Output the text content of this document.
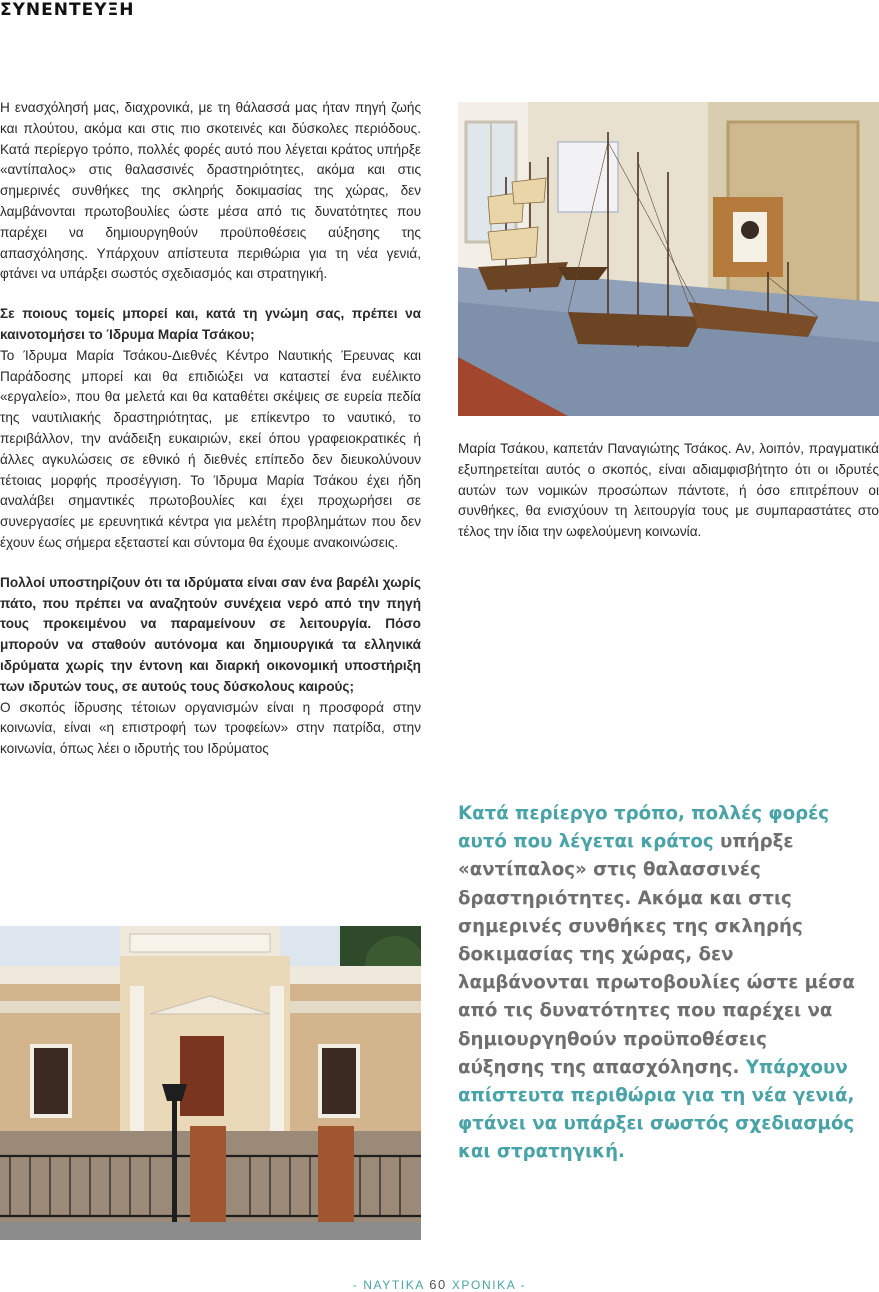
ΣΥΝΕΝΤΕΥΞΗ

Η ενασχόλησή μας, διαχρονικά, με τη θάλασσά μας ήταν πηγή ζωής και πλούτου, ακόμα και στις πιο σκοτεινές και δύσκολες περιόδους. Κατά περίεργο τρόπο, πολλές φορές αυτό που λέγεται κράτος υπήρξε «αντίπαλος» στις θαλασσινές δραστηριότητες, ακόμα και στις σημερινές συνθήκες της σκληρής δοκιμασίας της χώρας, δεν λαμβάνονται πρωτοβουλίες ώστε μέσα από τις δυνατότητες που παρέχει να δημιουργηθούν προϋποθέσεις αύξησης της απασχόλησης. Υπάρχουν απίστευτα περιθώρια για τη νέα γενιά, φτάνει να υπάρξει σωστός σχεδιασμός και στρατηγική.

Σε ποιους τομείς μπορεί και, κατά τη γνώμη σας, πρέπει να καινοτομήσει το Ίδρυμα Μαρία Τσάκου;
Το Ίδρυμα Μαρία Τσάκου-Διεθνές Κέντρο Ναυτικής Έρευνας και Παράδοσης μπορεί και θα επιδιώξει να καταστεί ένα ευέλικτο «εργαλείο», που θα μελετά και θα καταθέτει σκέψεις σε ευρεία πεδία της ναυτιλιακής δραστηριότητας, με επίκεντρο το ναυτικό, το περιβάλλον, την ανάδειξη ευκαιριών, εκεί όπου γραφειοκρατικές ή άλλες αγκυλώσεις σε εθνικό ή διεθνές επίπεδο δεν διευκολύνουν τέτοιας μορφής προσέγγιση. Το Ίδρυμα Μαρία Τσάκου έχει ήδη αναλάβει σημαντικές πρωτοβουλίες και έχει προχωρήσει σε συνεργασίες με ερευνητικά κέντρα για μελέτη προβλημάτων που δεν έχουν έως σήμερα εξεταστεί και σύντομα θα έχουμε ανακοινώσεις.

Πολλοί υποστηρίζουν ότι τα ιδρύματα είναι σαν ένα βαρέλι χωρίς πάτο, που πρέπει να αναζητούν συνέχεια νερό από την πηγή τους προκειμένου να παραμείνουν σε λειτουργία. Πόσο μπορούν να σταθούν αυτόνομα και δημιουργικά τα ελληνικά ιδρύματα χωρίς την έντονη και διαρκή οικονομική υποστήριξη των ιδρυτών τους, σε αυτούς τους δύσκολους καιρούς;
Ο σκοπός ίδρυσης τέτοιων οργανισμών είναι η προσφορά στην κοινωνία, είναι «η επιστροφή των τροφείων» στην πατρίδα, στην κοινωνία, όπως λέει ο ιδρυτής του Ιδρύματος

Μαρία Τσάκου, καπετάν Παναγιώτης Τσάκος. Αν, λοιπόν, πραγματικά εξυπηρετείται αυτός ο σκοπός, είναι αδιαμφισβήτητο ότι οι ιδρυτές αυτών των νομικών προσώπων πάντοτε, ή όσο επιτρέπουν οι συνθήκες, θα ενισχύουν τη λειτουργία τους με συμπαραστάτες στο τέλος την ίδια την ωφελούμενη κοινωνία.

Κατά περίεργο τρόπο, πολλές φορές αυτό που λέγεται κράτος υπήρξε «αντίπαλος» στις θαλασσινές δραστηριότητες. Ακόμα και στις σημερινές συνθήκες της σκληρής δοκιμασίας της χώρας, δεν λαμβάνονται πρωτοβουλίες ώστε μέσα από τις δυνατότητες που παρέχει να δημιουργηθούν προϋποθέσεις αύξησης της απασχόλησης. Υπάρχουν απίστευτα περιθώρια για τη νέα γενιά, φτάνει να υπάρξει σωστός σχεδιασμός και στρατηγική.
- ΝΑΥΤΙΚΑ 60 ΧΡΟΝΙΚΑ -
